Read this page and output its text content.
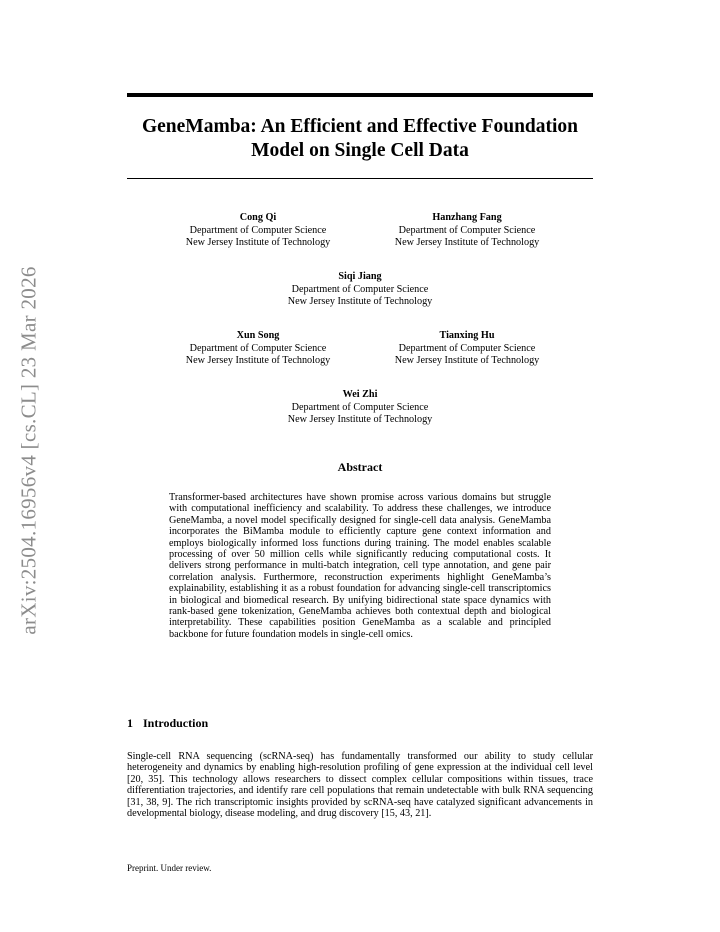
arXiv:2504.16956v4 [cs.CL] 23 Mar 2026
GeneMamba: An Efficient and Effective Foundation
Model on Single Cell Data
Cong Qi
Department of Computer Science
New Jersey Institute of Technology
Hanzhang Fang
Department of Computer Science
New Jersey Institute of Technology
Siqi Jiang
Department of Computer Science
New Jersey Institute of Technology
Xun Song
Department of Computer Science
New Jersey Institute of Technology
Tianxing Hu
Department of Computer Science
New Jersey Institute of Technology
Wei Zhi
Department of Computer Science
New Jersey Institute of Technology
Abstract
Transformer-based architectures have shown promise across various domains but struggle with computational inefficiency and scalability. To address these challenges, we introduce GeneMamba, a novel model specifically designed for single-cell data analysis. GeneMamba incorporates the BiMamba module to efficiently capture gene context information and employs biologically informed loss functions during training. The model enables scalable processing of over 50 million cells while significantly reducing computational costs. It delivers strong performance in multi-batch integration, cell type annotation, and gene pair correlation analysis. Furthermore, reconstruction experiments highlight GeneMamba’s explainability, establishing it as a robust foundation for advancing single-cell transcriptomics in biological and biomedical research. By unifying bidirectional state space dynamics with rank-based gene tokenization, GeneMamba achieves both contextual depth and biological interpretability. These capabilities position GeneMamba as a scalable and principled backbone for future foundation models in single-cell omics.
1 Introduction
Single-cell RNA sequencing (scRNA-seq) has fundamentally transformed our ability to study cellular heterogeneity and dynamics by enabling high-resolution profiling of gene expression at the individual cell level [20, 35]. This technology allows researchers to dissect complex cellular compositions within tissues, trace differentiation trajectories, and identify rare cell populations that remain undetectable with bulk RNA sequencing [31, 38, 9]. The rich transcriptomic insights provided by scRNA-seq have catalyzed significant advancements in developmental biology, disease modeling, and drug discovery [15, 43, 21].
Preprint. Under review.
